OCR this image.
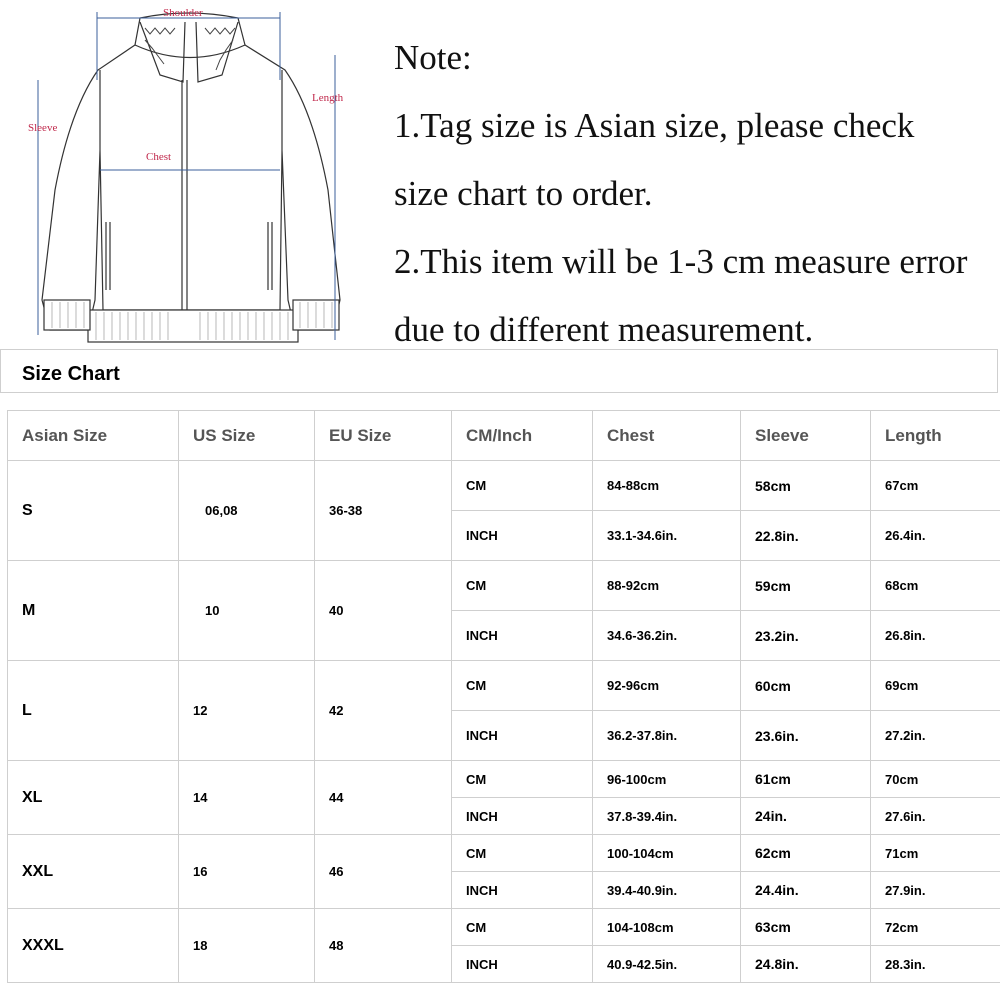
Shoulder
Length
Sleeve
Chest
Note:
1.Tag size is Asian size, please check
size chart to order.
2.This item will be 1-3 cm measure error
due to different measurement.
Size Chart
Asian Size	US Size	EU Size	CM/Inch	Chest	Sleeve	Length
S	06,08	36-38	CM	84-88cm	58cm	67cm
			INCH	33.1-34.6in.	22.8in.	26.4in.
M	10	40	CM	88-92cm	59cm	68cm
			INCH	34.6-36.2in.	23.2in.	26.8in.
L	12	42	CM	92-96cm	60cm	69cm
			INCH	36.2-37.8in.	23.6in.	27.2in.
XL	14	44	CM	96-100cm	61cm	70cm
			INCH	37.8-39.4in.	24in.	27.6in.
XXL	16	46	CM	100-104cm	62cm	71cm
			INCH	39.4-40.9in.	24.4in.	27.9in.
XXXL	18	48	CM	104-108cm	63cm	72cm
			INCH	40.9-42.5in.	24.8in.	28.3in.
